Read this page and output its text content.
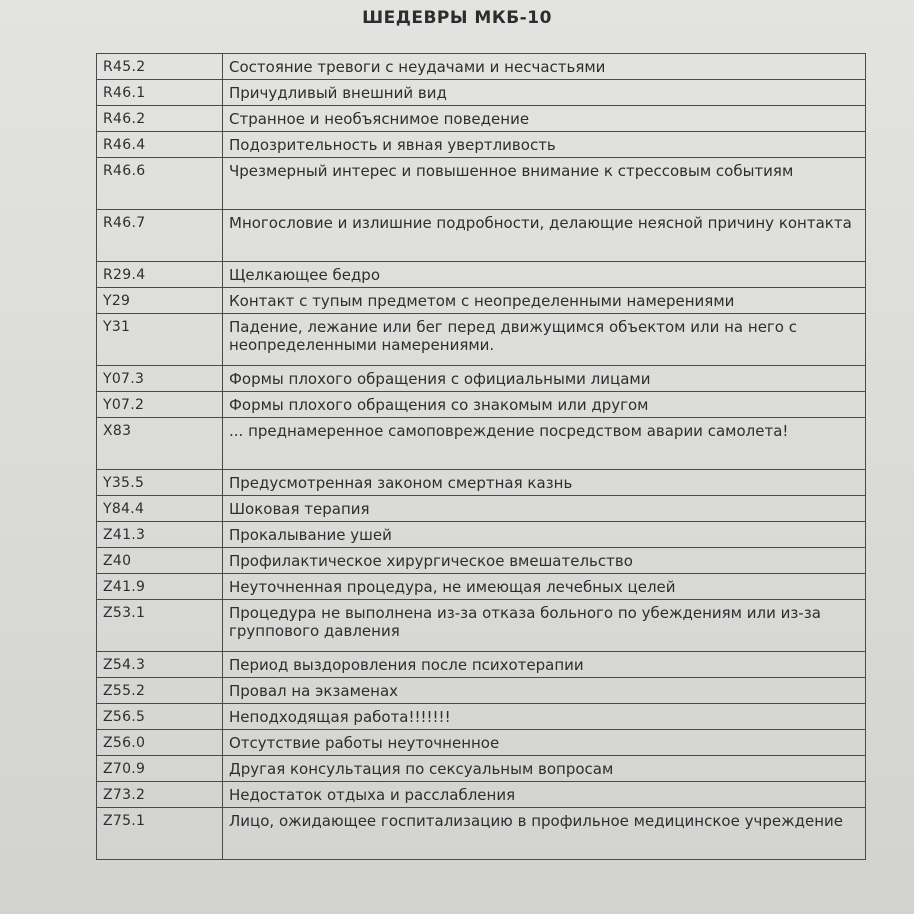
ШЕДЕВРЫ МКБ-10
R45.2	Состояние тревоги с неудачами и несчастьями
R46.1	Причудливый внешний вид
R46.2	Странное и необъяснимое поведение
R46.4	Подозрительность и явная увертливость
R46.6	Чрезмерный интерес и повышенное внимание к стрессовым событиям
R46.7	Многословие и излишние подробности, делающие неясной причину контакта
R29.4	Щелкающее бедро
Y29	Контакт с тупым предметом с неопределенными намерениями
Y31	Падение, лежание или бег перед движущимся объектом или на него с неопределенными намерениями.
Y07.3	Формы плохого обращения с официальными лицами
Y07.2	Формы плохого обращения со знакомым или другом
X83	... преднамеренное самоповреждение посредством аварии самолета!
Y35.5	Предусмотренная законом смертная казнь
Y84.4	Шоковая терапия
Z41.3	Прокалывание ушей
Z40	Профилактическое хирургическое вмешательство
Z41.9	Неуточненная процедура, не имеющая лечебных целей
Z53.1	Процедура не выполнена из-за отказа больного по убеждениям или из-за группового давления
Z54.3	Период выздоровления после психотерапии
Z55.2	Провал на экзаменах
Z56.5	Неподходящая работа!!!!!!!
Z56.0	Отсутствие работы неуточненное
Z70.9	Другая консультация по сексуальным вопросам
Z73.2	Недостаток отдыха и расслабления
Z75.1	Лицо, ожидающее госпитализацию в профильное медицинское учреждение
